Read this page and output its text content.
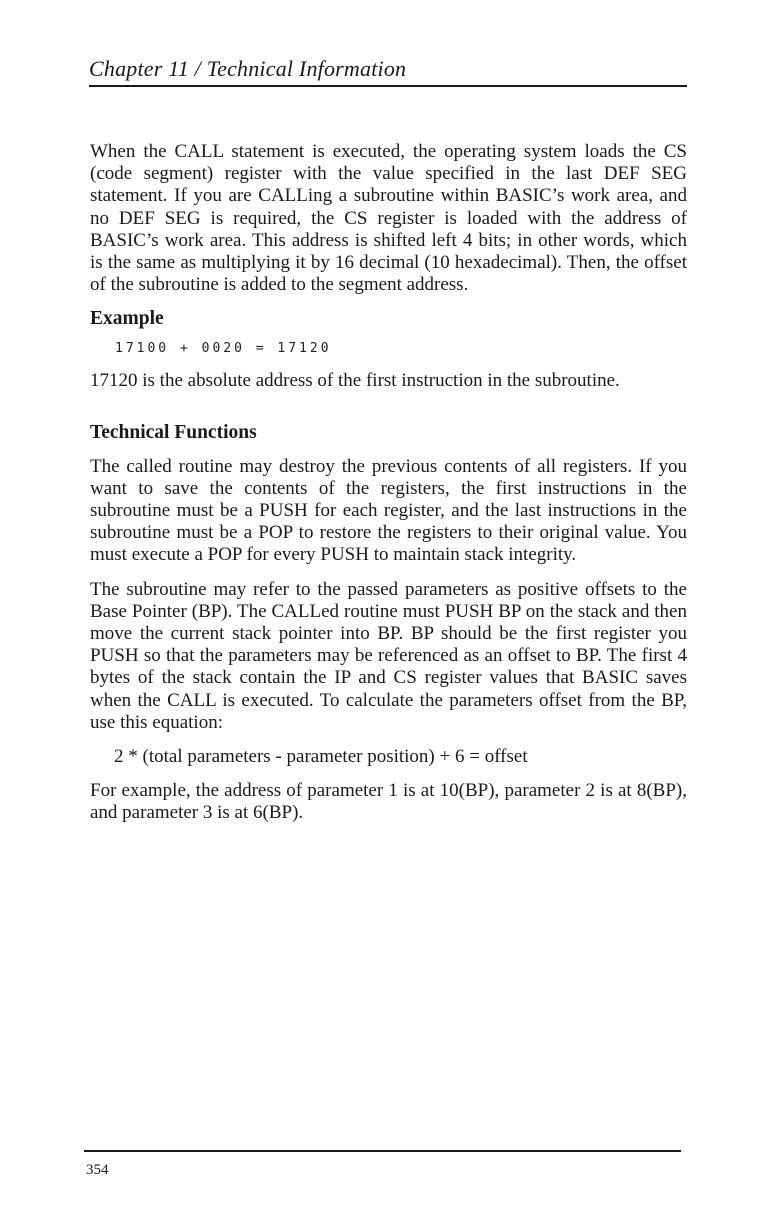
Chapter 11 / Technical Information

When the CALL statement is executed, the operating system loads the CS (code segment) register with the value specified in the last DEF SEG statement. If you are CALLing a subroutine within BASIC’s work area, and no DEF SEG is required, the CS register is loaded with the address of BASIC’s work area. This address is shifted left 4 bits; in other words, which is the same as multiplying it by 16 decimal (10 hexadecimal). Then, the offset of the subroutine is added to the segment address.

Example
17100 + 0020 = 17120

17120 is the absolute address of the first instruction in the subroutine.

Technical Functions

The called routine may destroy the previous contents of all registers. If you want to save the contents of the registers, the first instructions in the subroutine must be a PUSH for each register, and the last instructions in the subroutine must be a POP to restore the registers to their original value. You must execute a POP for every PUSH to maintain stack integrity.

The subroutine may refer to the passed parameters as positive offsets to the Base Pointer (BP). The CALLed routine must PUSH BP on the stack and then move the current stack pointer into BP. BP should be the first register you PUSH so that the parameters may be referenced as an offset to BP. The first 4 bytes of the stack contain the IP and CS register values that BASIC saves when the CALL is executed. To calculate the parameters offset from the BP, use this equation:

2 * (total parameters - parameter position) + 6 = offset

For example, the address of parameter 1 is at 10(BP), parameter 2 is at 8(BP), and parameter 3 is at 6(BP).

354
